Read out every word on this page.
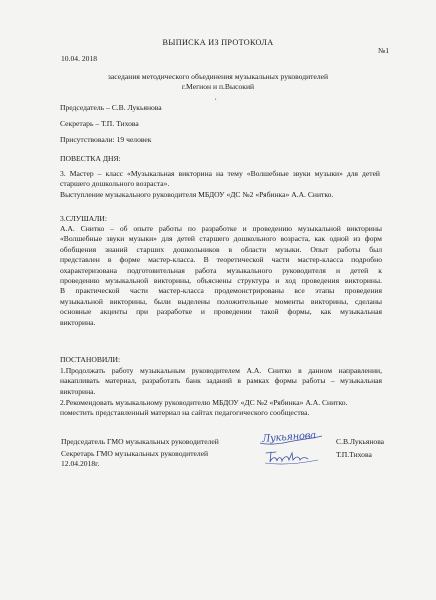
ВЫПИСКА ИЗ ПРОТОКОЛА
10.04. 2018
№1
заседания методического объединения музыкальных руководителей
г.Мегион и п.Высокий
,
Председатель – С.В. Лукьянова
Секретарь – Т.П. Тихова
Присутствовали: 19 человек
ПОВЕСТКА ДНЯ:
3. Мастер – класс «Музыкальная викторина на тему «Волшебные звуки музыки» для детей
старшего дошкольного возраста».
Выступление музыкального руководителя МБДОУ «ДС №2 «Рябинка» А.А. Снитко.
3.СЛУШАЛИ:
А.А. Снитко – об опыте работы по разработке и проведению музыкальной викторины
«Волшебные звуки музыки» для детей старшего дошкольного возраста, как одной из форм
обобщения знаний старших дошкольников в области музыки. Опыт работы был
представлен в форме мастер-класса. В теоретической части мастер-класса подробно
охарактеризована подготовительная работа музыкального руководителя и детей к
проведению музыкальной викторины, объяснены структура и ход проведения викторины.
В практической части мастер-класса продемонстрированы все этапы проведения
музыкальной викторины, были выделены положительные моменты викторины, сделаны
основные акценты при разработке и проведении такой формы, как музыкальная
викторина.
ПОСТАНОВИЛИ:
1.Продолжать работу музыкальным руководителем А.А. Снитко в данном направлении,
накапливать материал, разработать банк заданий в рамках формы работы – музыкальная
викторина.
2.Рекомендовать музыкальному руководителю МБДОУ «ДС №2 «Рябинка» А.А. Снитко.
поместить представленный материал на сайтах педагогического сообщества.
Председатель ГМО музыкальных руководителей
Секретарь ГМО музыкальных руководителей
12.04.2018г.
С.В.Лукьянова
Т.П.Тихова
Лукьянова
